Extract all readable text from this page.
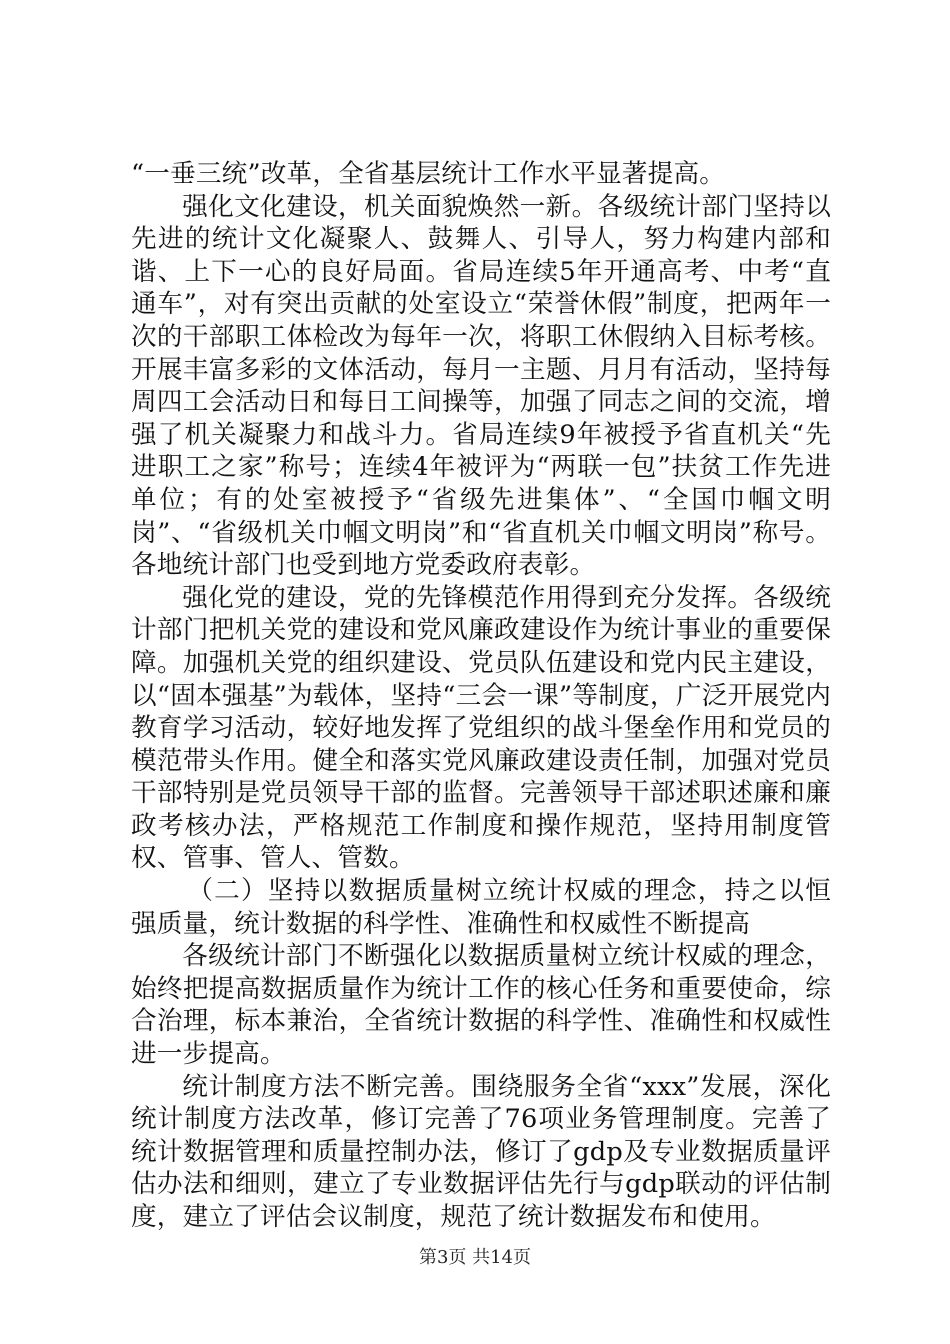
“一垂三统”改革，全省基层统计工作水平显著提高。

强化文化建设，机关面貌焕然一新。各级统计部门坚持以先进的统计文化凝聚人、鼓舞人、引导人，努力构建内部和谐、上下一心的良好局面。省局连续5年开通高考、中考“直通车”，对有突出贡献的处室设立“荣誉休假”制度，把两年一次的干部职工体检改为每年一次，将职工休假纳入目标考核。开展丰富多彩的文体活动，每月一主题、月月有活动，坚持每周四工会活动日和每日工间操等，加强了同志之间的交流，增强了机关凝聚力和战斗力。省局连续9年被授予省直机关“先进职工之家”称号；连续4年被评为“两联一包”扶贫工作先进单位；有的处室被授予“省级先进集体”、“全国巾帼文明岗”、“省级机关巾帼文明岗”和“省直机关巾帼文明岗”称号。各地统计部门也受到地方党委政府表彰。

强化党的建设，党的先锋模范作用得到充分发挥。各级统计部门把机关党的建设和党风廉政建设作为统计事业的重要保障。加强机关党的组织建设、党员队伍建设和党内民主建设，以“固本强基”为载体，坚持“三会一课”等制度，广泛开展党内教育学习活动，较好地发挥了党组织的战斗堡垒作用和党员的模范带头作用。健全和落实党风廉政建设责任制，加强对党员干部特别是党员领导干部的监督。完善领导干部述职述廉和廉政考核办法，严格规范工作制度和操作规范，坚持用制度管权、管事、管人、管数。

（二）坚持以数据质量树立统计权威的理念，持之以恒强质量，统计数据的科学性、准确性和权威性不断提高

各级统计部门不断强化以数据质量树立统计权威的理念，始终把提高数据质量作为统计工作的核心任务和重要使命，综合治理，标本兼治，全省统计数据的科学性、准确性和权威性进一步提高。

统计制度方法不断完善。围绕服务全省“xxx”发展，深化统计制度方法改革，修订完善了76项业务管理制度。完善了统计数据管理和质量控制办法，修订了gdp及专业数据质量评估办法和细则，建立了专业数据评估先行与gdp联动的评估制度，建立了评估会议制度，规范了统计数据发布和使用。

第3页 共14页
